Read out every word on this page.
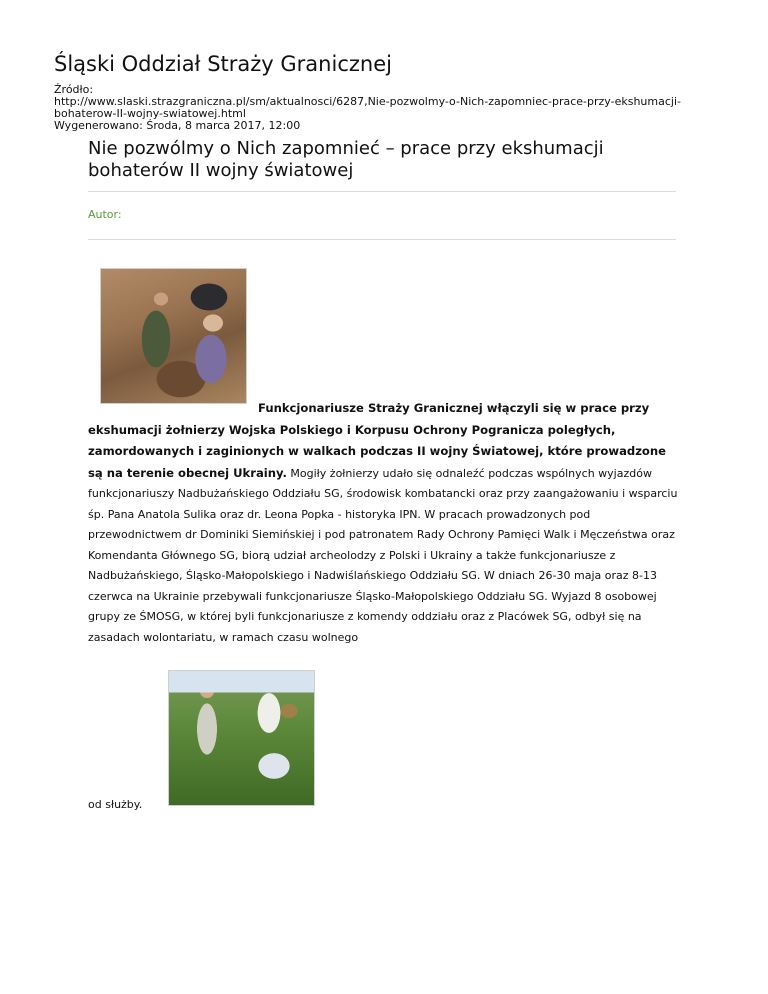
Śląski Oddział Straży Granicznej
Źródło:
http://www.slaski.strazgraniczna.pl/sm/aktualnosci/6287,Nie-pozwolmy-o-Nich-zapomniec-prace-przy-ekshumacji-
bohaterow-II-wojny-swiatowej.html
Wygenerowano: Środa, 8 marca 2017, 12:00
Nie pozwólmy o Nich zapomnieć – prace przy ekshumacji bohaterów II wojny światowej
Autor:

Funkcjonariusze Straży Granicznej włączyli się w prace przy ekshumacji żołnierzy Wojska Polskiego i Korpusu Ochrony Pogranicza poległych, zamordowanych i zaginionych w walkach podczas II wojny Światowej, które prowadzone są na terenie obecnej Ukrainy. Mogiły żołnierzy udało się odnaleźć podczas wspólnych wyjazdów funkcjonariuszy Nadbużańskiego Oddziału SG, środowisk kombatancki oraz przy zaangażowaniu i wsparciu śp. Pana Anatola Sulika oraz dr. Leona Popka - historyka IPN. W pracach prowadzonych pod przewodnictwem dr Dominiki Siemińskiej i pod patronatem Rady Ochrony Pamięci Walk i Męczeństwa oraz Komendanta Głównego SG, biorą udział archeolodzy z Polski i Ukrainy a także funkcjonariusze z Nadbużańskiego, Śląsko-Małopolskiego i Nadwiślańskiego Oddziału SG. W dniach 26-30 maja oraz 8-13 czerwca na Ukrainie przebywali funkcjonariusze Śląsko-Małopolskiego Oddziału SG. Wyjazd 8 osobowej grupy ze ŚMOSG, w której byli funkcjonariusze z komendy oddziału oraz z Placówek SG, odbył się na zasadach wolontariatu, w ramach czasu wolnego

od służby.
